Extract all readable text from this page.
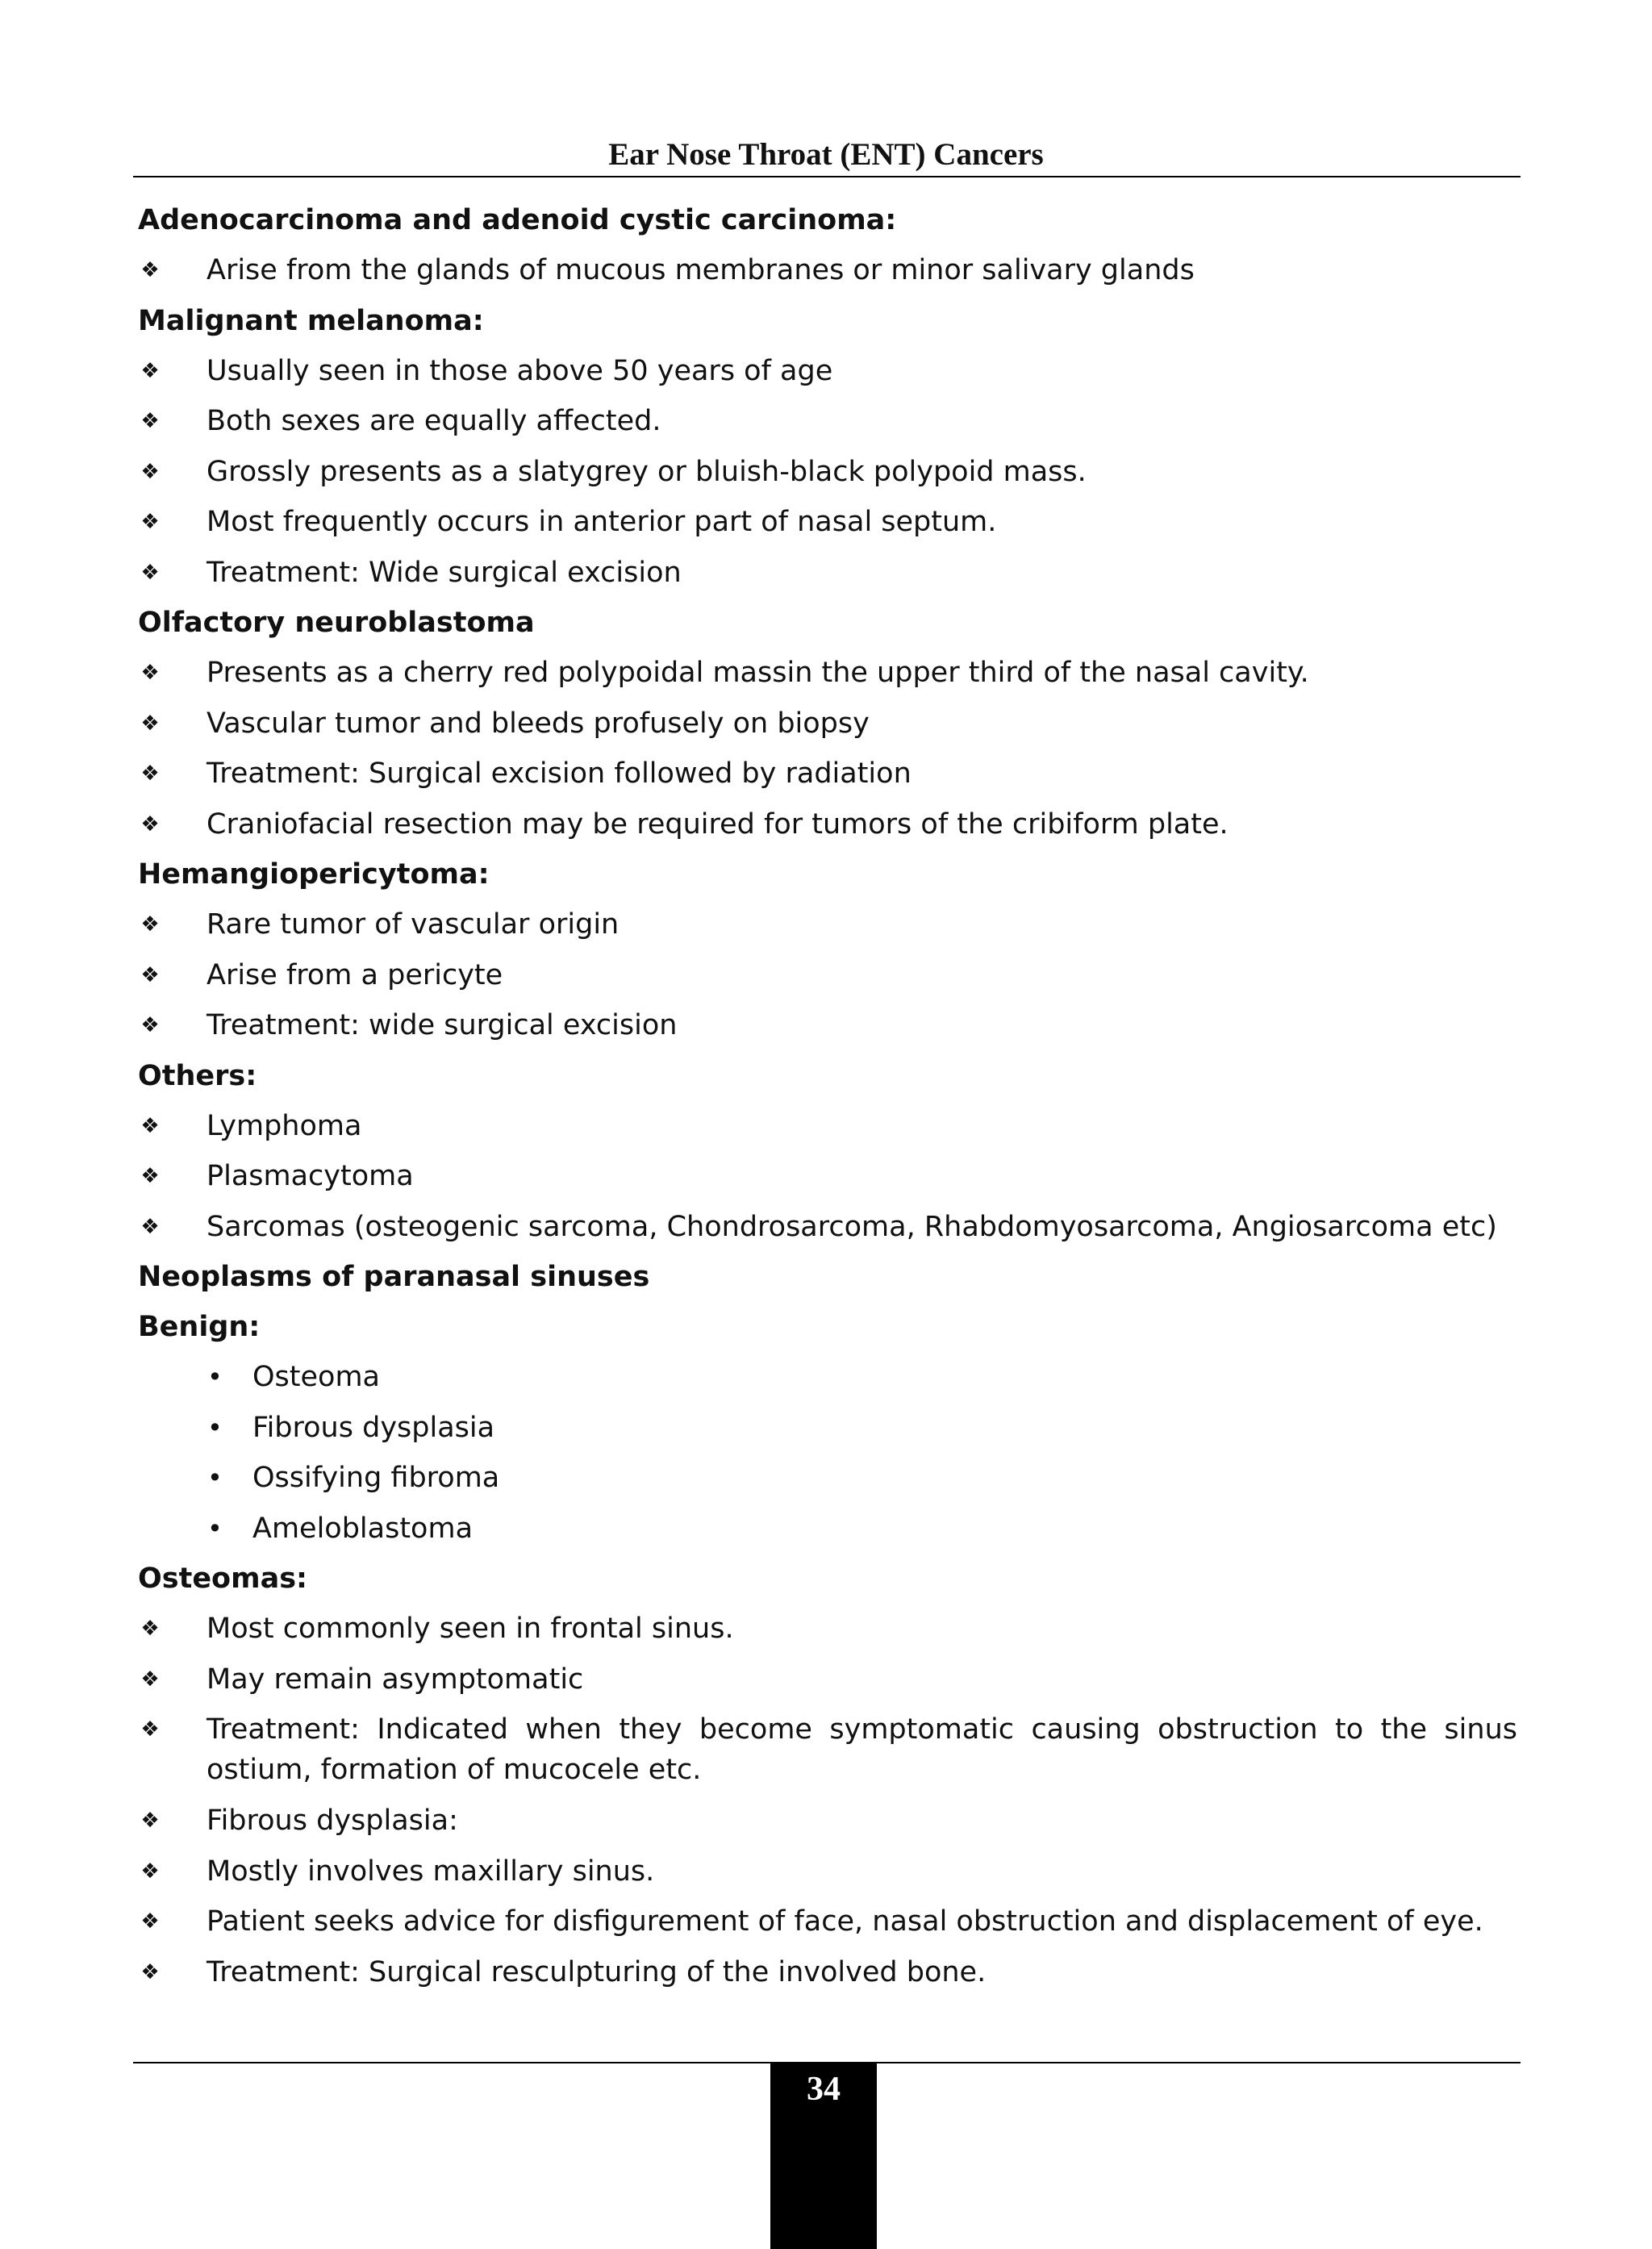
Ear Nose Throat (ENT) Cancers
Adenocarcinoma and adenoid cystic carcinoma:
❖ Arise from the glands of mucous membranes or minor salivary glands
Malignant melanoma:
❖ Usually seen in those above 50 years of age
❖ Both sexes are equally affected.
❖ Grossly presents as a slatygrey or bluish-black polypoid mass.
❖ Most frequently occurs in anterior part of nasal septum.
❖ Treatment: Wide surgical excision
Olfactory neuroblastoma
❖ Presents as a cherry red polypoidal massin the upper third of the nasal cavity.
❖ Vascular tumor and bleeds profusely on biopsy
❖ Treatment: Surgical excision followed by radiation
❖ Craniofacial resection may be required for tumors of the cribiform plate.
Hemangiopericytoma:
❖ Rare tumor of vascular origin
❖ Arise from a pericyte
❖ Treatment: wide surgical excision
Others:
❖ Lymphoma
❖ Plasmacytoma
❖ Sarcomas (osteogenic sarcoma, Chondrosarcoma, Rhabdomyosarcoma, Angiosarcoma etc)
Neoplasms of paranasal sinuses
Benign:
• Osteoma
• Fibrous dysplasia
• Ossifying fibroma
• Ameloblastoma
Osteomas:
❖ Most commonly seen in frontal sinus.
❖ May remain asymptomatic
❖ Treatment: Indicated when they become symptomatic causing obstruction to the sinus ostium, formation of mucocele etc.
❖ Fibrous dysplasia:
❖ Mostly involves maxillary sinus.
❖ Patient seeks advice for disfigurement of face, nasal obstruction and displacement of eye.
❖ Treatment: Surgical resculpturing of the involved bone.
34
